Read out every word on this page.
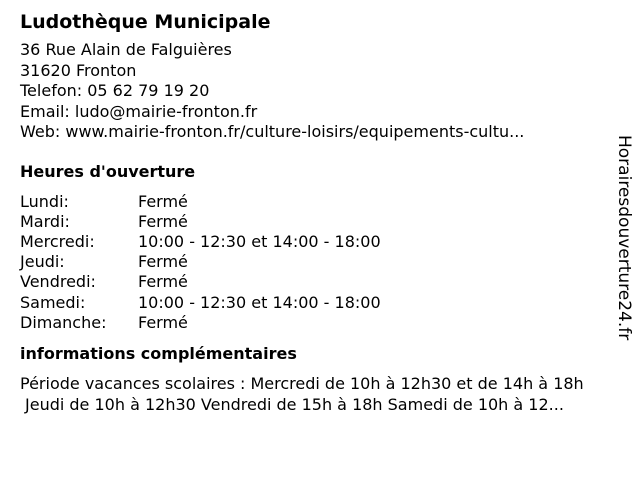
Ludothèque Municipale
36 Rue Alain de Falguières
31620 Fronton
Telefon: 05 62 79 19 20
Email: ludo@mairie-fronton.fr
Web: www.mairie-fronton.fr/culture-loisirs/equipements-cultu...
Heures d'ouverture
Lundi:	Fermé
Mardi:	Fermé
Mercredi:	10:00 - 12:30 et 14:00 - 18:00
Jeudi:	Fermé
Vendredi:	Fermé
Samedi:	10:00 - 12:30 et 14:00 - 18:00
Dimanche:	Fermé
informations complémentaires
Période vacances scolaires : Mercredi de 10h à 12h30 et de 14h à 18h
Jeudi de 10h à 12h30 Vendredi de 15h à 18h Samedi de 10h à 12...
Horairesdouverture24.fr
